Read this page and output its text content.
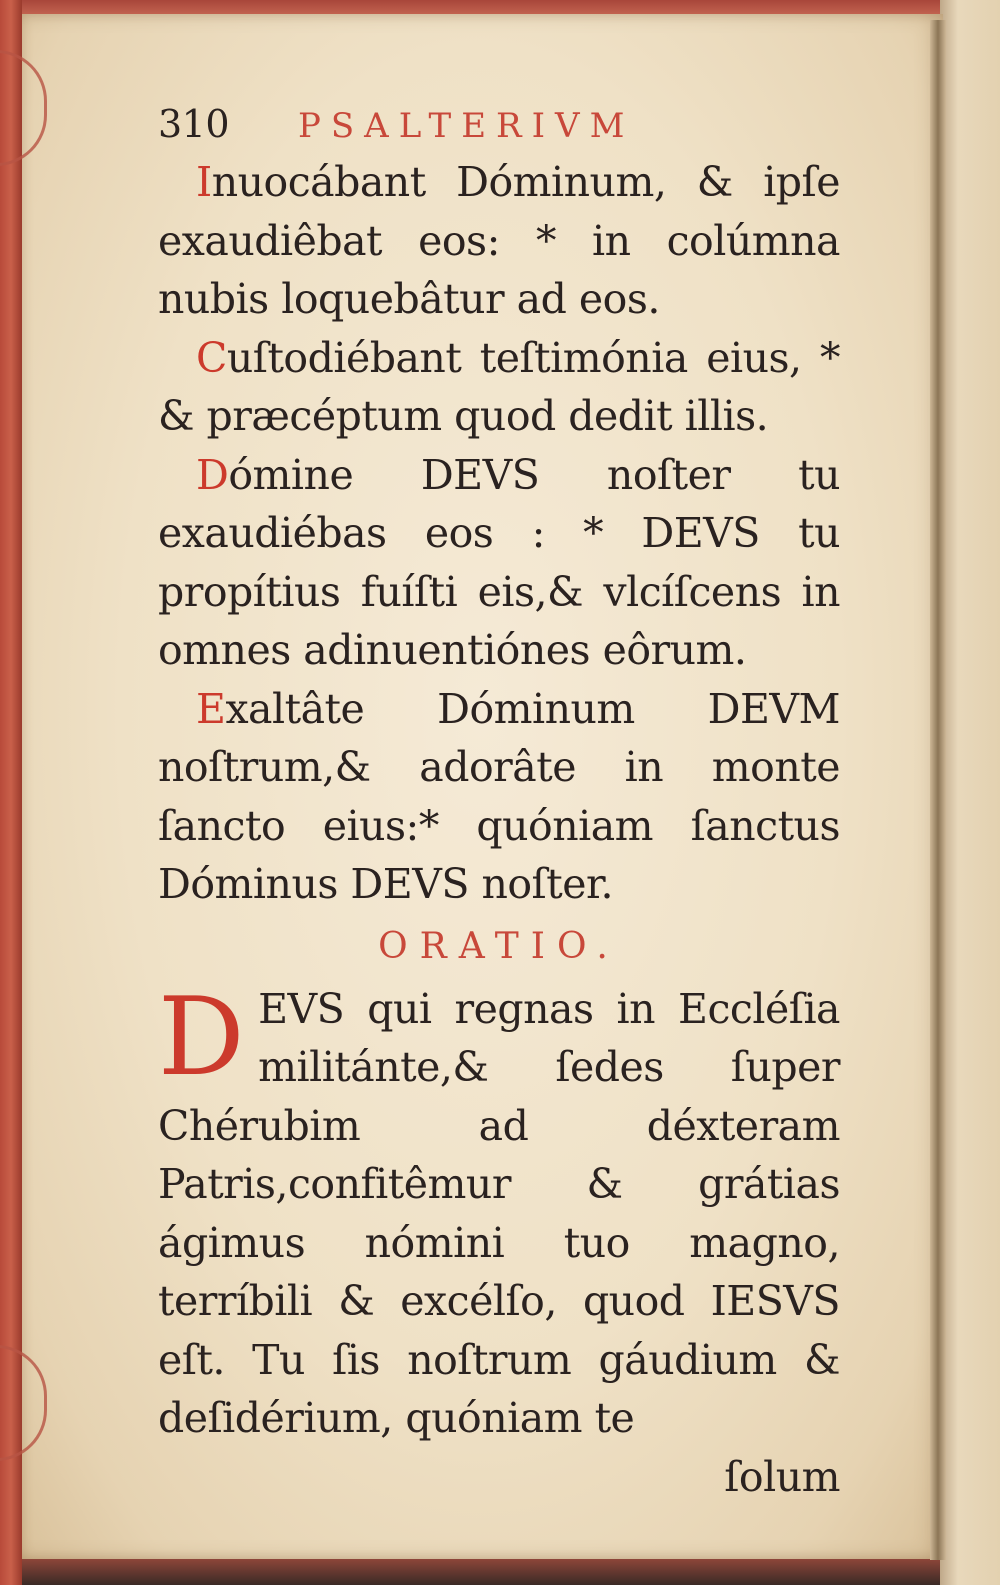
310	PSALTERIVM

Inuocábant Dóminum, & ipſe exaudiêbat eos: * in colúmna nubis loquebâtur ad eos.

Cuſtodiébant teſtimónia eius, * & præcéptum quod dedit illis.

Dómine DEVS noſter tu exaudiébas eos : * DEVS tu propítius fuíſti eis,& vlcíſcens in omnes adinuentiónes eôrum.

Exaltâte Dóminum DEVM noſtrum,& adorâte in monte ſancto eius:* quóniam ſanctus Dóminus DEVS noſter.

ORATIO.

DEVS qui regnas in Eccléſia militánte,& ſedes ſuper Chérubim ad déxteram Patris,confitêmur & grátias ágimus nómini tuo magno, terríbili & excélſo, quod IESVS eſt. Tu ſis noſtrum gáudium & deſidérium, quóniam te

ſolum
